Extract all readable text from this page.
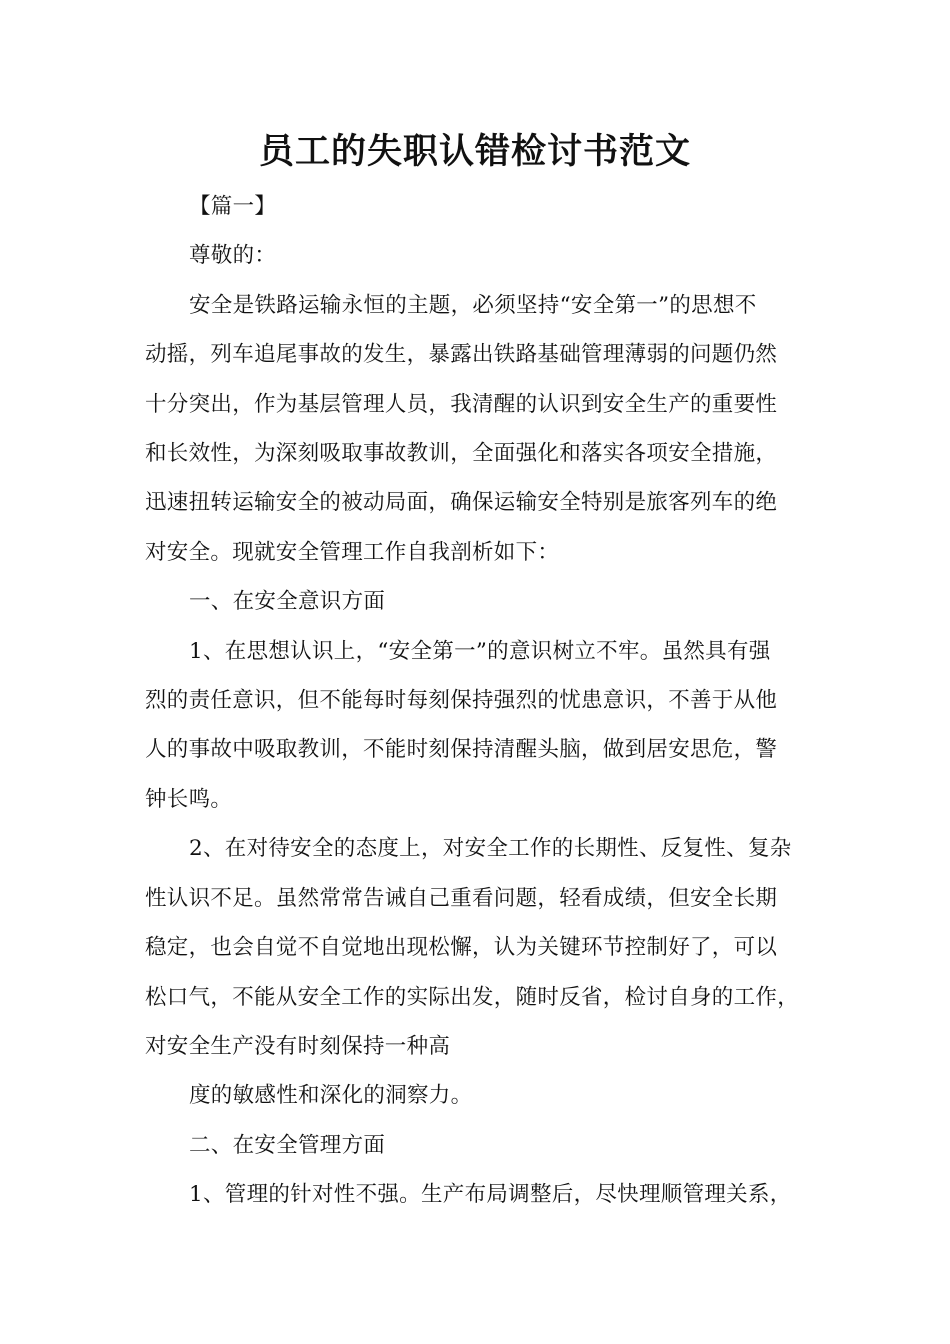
员工的失职认错检讨书范文

【篇一】

尊敬的：

安全是铁路运输永恒的主题，必须坚持“安全第一”的思想不

动摇，列车追尾事故的发生，暴露出铁路基础管理薄弱的问题仍然

十分突出，作为基层管理人员，我清醒的认识到安全生产的重要性

和长效性，为深刻吸取事故教训，全面强化和落实各项安全措施，

迅速扭转运输安全的被动局面，确保运输安全特别是旅客列车的绝

对安全。现就安全管理工作自我剖析如下：

一、在安全意识方面

1、在思想认识上，“安全第一”的意识树立不牢。虽然具有强

烈的责任意识，但不能每时每刻保持强烈的忧患意识，不善于从他

人的事故中吸取教训，不能时刻保持清醒头脑，做到居安思危，警

钟长鸣。

2、在对待安全的态度上，对安全工作的长期性、反复性、复杂

性认识不足。虽然常常告诫自己重看问题，轻看成绩，但安全长期

稳定，也会自觉不自觉地出现松懈，认为关键环节控制好了，可以

松口气，不能从安全工作的实际出发，随时反省，检讨自身的工作，

对安全生产没有时刻保持一种高

度的敏感性和深化的洞察力。

二、在安全管理方面

1、管理的针对性不强。生产布局调整后，尽快理顺管理关系，
